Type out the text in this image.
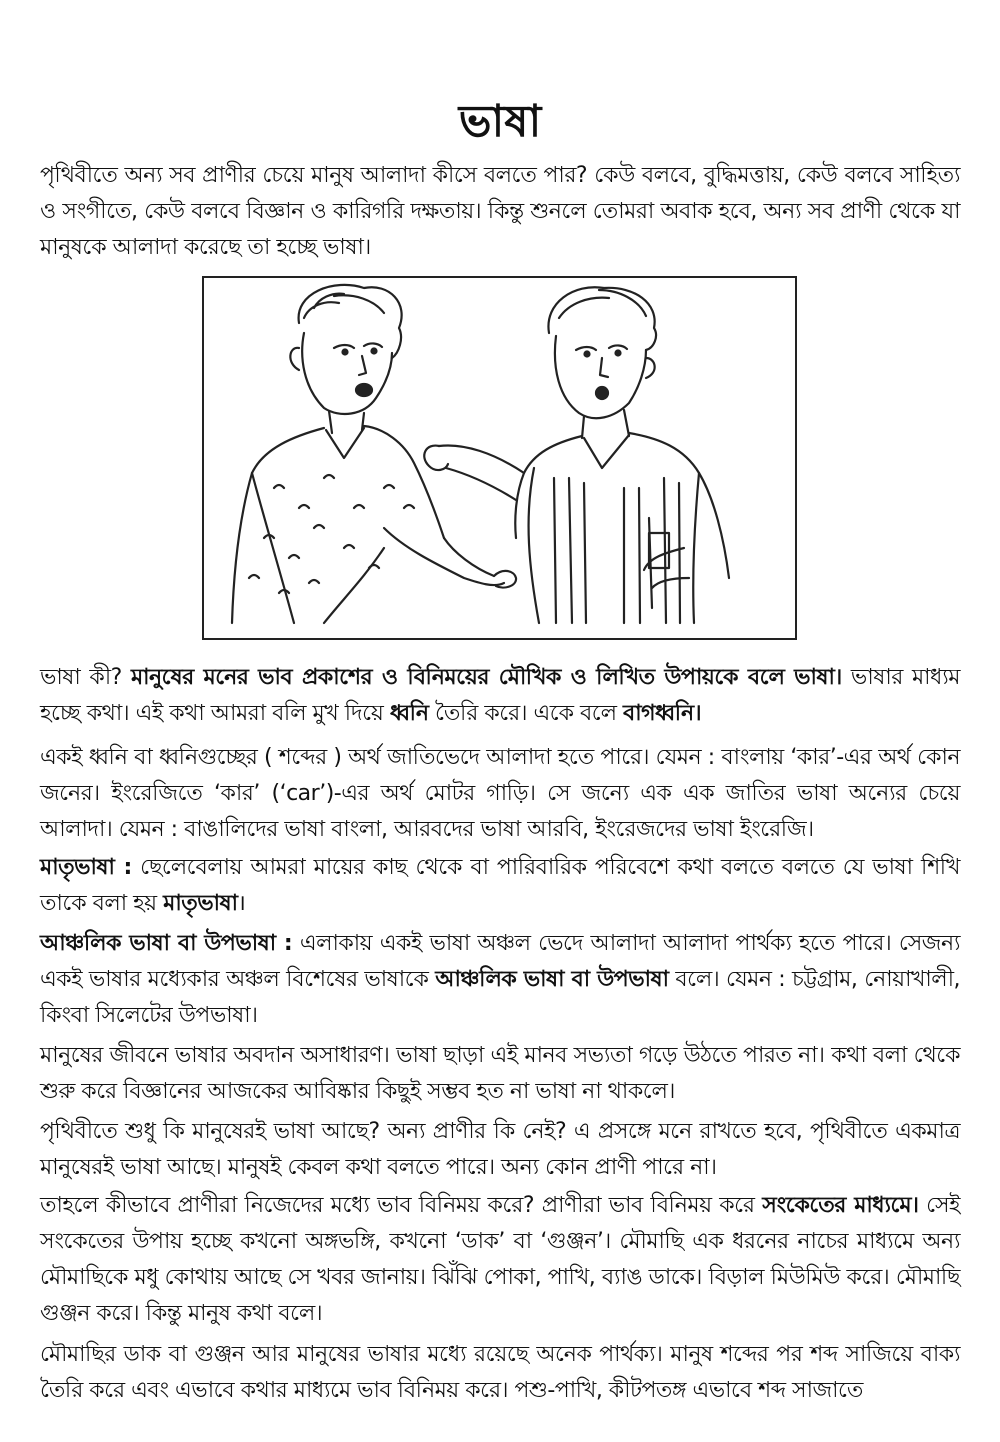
ভাষা
পৃথিবীতে অন্য সব প্রাণীর চেয়ে মানুষ আলাদা কীসে বলতে পার? কেউ বলবে, বুদ্ধিমত্তায়, কেউ বলবে সাহিত্য ও সংগীতে, কেউ বলবে বিজ্ঞান ও কারিগরি দক্ষতায়। কিন্তু শুনলে তোমরা অবাক হবে, অন্য সব প্রাণী থেকে যা মানুষকে আলাদা করেছে তা হচ্ছে ভাষা।
ভাষা কী? মানুষের মনের ভাব প্রকাশের ও বিনিময়ের মৌখিক ও লিখিত উপায়কে বলে ভাষা। ভাষার মাধ্যম হচ্ছে কথা। এই কথা আমরা বলি মুখ দিয়ে ধ্বনি তৈরি করে। একে বলে বাগধ্বনি।
একই ধ্বনি বা ধ্বনিগুচ্ছের ( শব্দের ) অর্থ জাতিভেদে আলাদা হতে পারে। যেমন : বাংলায় ‘কার’-এর অর্থ কোন জনের। ইংরেজিতে ‘কার’ (‘car’)-এর অর্থ মোটর গাড়ি। সে জন্যে এক এক জাতির ভাষা অন্যের চেয়ে আলাদা। যেমন : বাঙালিদের ভাষা বাংলা, আরবদের ভাষা আরবি, ইংরেজদের ভাষা ইংরেজি।
মাতৃভাষা : ছেলেবেলায় আমরা মায়ের কাছ থেকে বা পারিবারিক পরিবেশে কথা বলতে বলতে যে ভাষা শিখি তাকে বলা হয় মাতৃভাষা।
আঞ্চলিক ভাষা বা উপভাষা : এলাকায় একই ভাষা অঞ্চল ভেদে আলাদা আলাদা পার্থক্য হতে পারে। সেজন্য একই ভাষার মধ্যেকার অঞ্চল বিশেষের ভাষাকে আঞ্চলিক ভাষা বা উপভাষা বলে। যেমন : চট্টগ্রাম, নোয়াখালী, কিংবা সিলেটের উপভাষা।
মানুষের জীবনে ভাষার অবদান অসাধারণ। ভাষা ছাড়া এই মানব সভ্যতা গড়ে উঠতে পারত না। কথা বলা থেকে শুরু করে বিজ্ঞানের আজকের আবিষ্কার কিছুই সম্ভব হত না ভাষা না থাকলে।
পৃথিবীতে শুধু কি মানুষেরই ভাষা আছে? অন্য প্রাণীর কি নেই? এ প্রসঙ্গে মনে রাখতে হবে, পৃথিবীতে একমাত্র মানুষেরই ভাষা আছে। মানুষই কেবল কথা বলতে পারে। অন্য কোন প্রাণী পারে না।
তাহলে কীভাবে প্রাণীরা নিজেদের মধ্যে ভাব বিনিময় করে? প্রাণীরা ভাব বিনিময় করে সংকেতের মাধ্যমে। সেই সংকেতের উপায় হচ্ছে কখনো অঙ্গভঙ্গি, কখনো ‘ডাক’ বা ‘গুঞ্জন’। মৌমাছি এক ধরনের নাচের মাধ্যমে অন্য মৌমাছিকে মধু কোথায় আছে সে খবর জানায়। ঝিঁঝি পোকা, পাখি, ব্যাঙ ডাকে। বিড়াল মিউমিউ করে। মৌমাছি গুঞ্জন করে। কিন্তু মানুষ কথা বলে।
মৌমাছির ডাক বা গুঞ্জন আর মানুষের ভাষার মধ্যে রয়েছে অনেক পার্থক্য। মানুষ শব্দের পর শব্দ সাজিয়ে বাক্য তৈরি করে এবং এভাবে কথার মাধ্যমে ভাব বিনিময় করে। পশু-পাখি, কীটপতঙ্গ এভাবে শব্দ সাজাতে
